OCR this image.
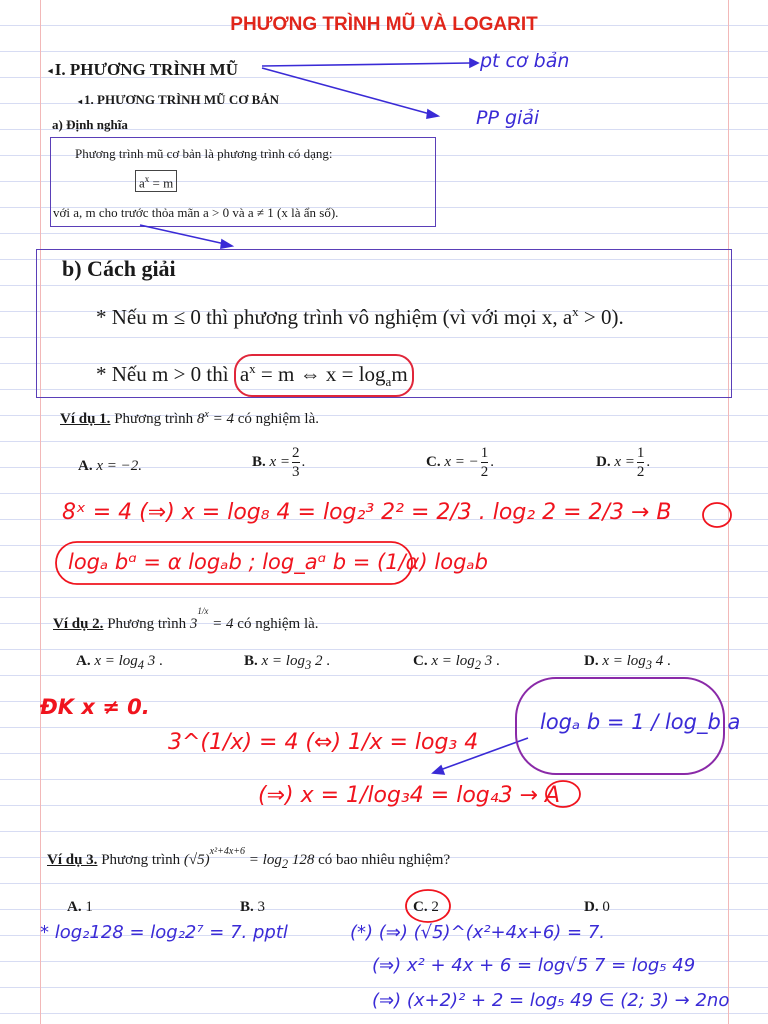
PHƯƠNG TRÌNH MŨ VÀ LOGARIT
◂ I. PHƯƠNG TRÌNH MŨ
◂ 1. PHƯƠNG TRÌNH MŨ CƠ BẢN
a) Định nghĩa
Phương trình mũ cơ bản là phương trình có dạng:
$a^x = m$
với a, m cho trước thỏa mãn a > 0 và a ≠ 1 (x là ẩn số).
b) Cách giải
* Nếu m ≤ 0 thì phương trình vô nghiệm (vì với mọi x, $a^x > 0$).
* Nếu m > 0 thì $a^x = m$ ⇔ $x = \log_am$
Ví dụ 1. Phương trình $8^x = 4$ có nghiệm là.
A. x = −2.	B. $x = \frac{2}{3}$ .	C. x = − $\frac{1}{2}$ .	D. $x = \frac{1}{2}$ .
Ví dụ 2. Phương trình $3^{1/x} = 4$ có nghiệm là.
A. $x = \log_4 3$ .	B. $x = \log_3 2$ .	C. $x = \log_2 3$ .	D. $x = \log_3 4$ .
Ví dụ 3. Phương trình $(√5)^{x^2+4x+6} = \log_2 128$ có bao nhiêu nghiệm?
A. 1	B. 3	C. 2	D. 0
pt cơ bản
PP giải
8ˣ = 4 (⇒) x = log₈ 4 = log₂³ 2² = 2/3 . log₂ 2 = 2/3 → B
logₐ bᵅ = α logₐb ; log_aᵅ b = (1/α) logₐb
ĐK x ≠ 0.
3^(1/x) = 4 (⇔) 1/x = log₃ 4
logₐ b = 1 / log_b a
(⇒) x = 1/log₃4 = log₄3 → A
* log₂128 = log₂2⁷ = 7. pptl	(*) (⇒) (√5)^(x²+4x+6) = 7.
(⇒) x² + 4x + 6 = log√5 7 = log₅ 49
(⇒) (x+2)² + 2 = log₅ 49 ∈ (2; 3) → 2no
